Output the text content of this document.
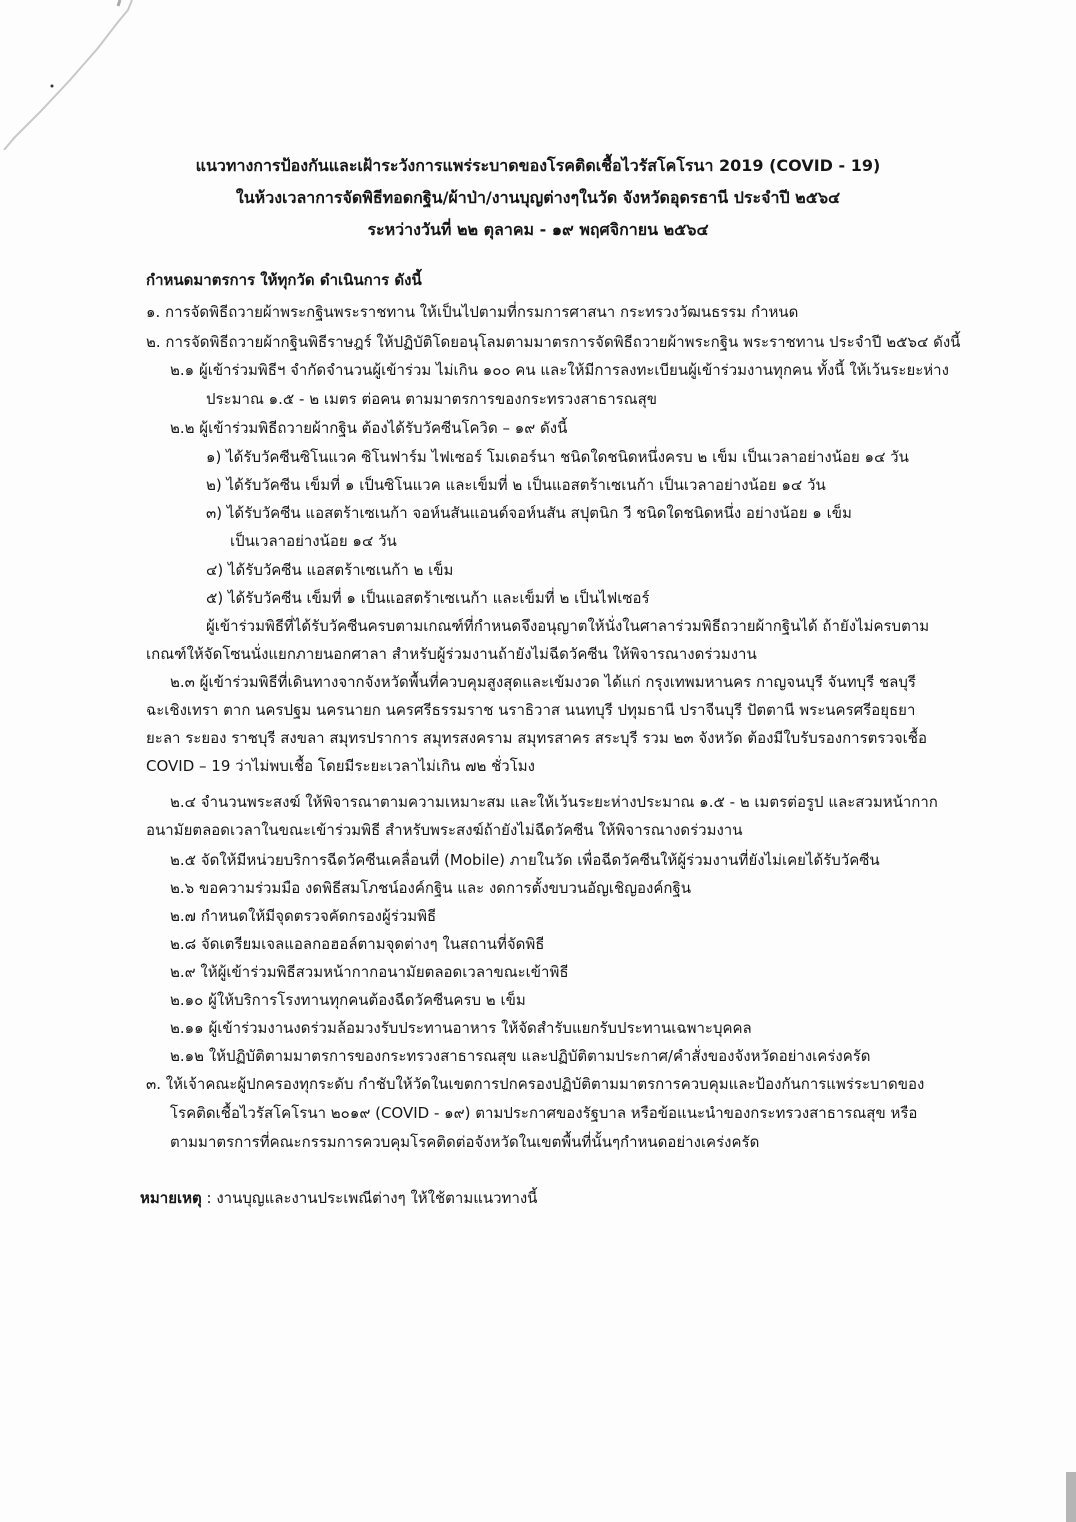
แนวทางการป้องกันและเฝ้าระวังการแพร่ระบาดของโรคติดเชื้อไวรัสโคโรนา 2019 (COVID - 19)
ในห้วงเวลาการจัดพิธีทอดกฐิน/ผ้าป่า/งานบุญต่างๆในวัด จังหวัดอุดรธานี ประจำปี ๒๕๖๔
ระหว่างวันที่ ๒๒ ตุลาคม - ๑๙ พฤศจิกายน ๒๕๖๔
กำหนดมาตรการ ให้ทุกวัด ดำเนินการ ดังนี้
๑. การจัดพิธีถวายผ้าพระกฐินพระราชทาน ให้เป็นไปตามที่กรมการศาสนา กระทรวงวัฒนธรรม กำหนด
๒. การจัดพิธีถวายผ้ากฐินพิธีราษฎร์ ให้ปฏิบัติโดยอนุโลมตามมาตรการจัดพิธีถวายผ้าพระกฐิน พระราชทาน ประจำปี ๒๕๖๔ ดังนี้
๒.๑ ผู้เข้าร่วมพิธีฯ จำกัดจำนวนผู้เข้าร่วม ไม่เกิน ๑๐๐ คน และให้มีการลงทะเบียนผู้เข้าร่วมงานทุกคน ทั้งนี้ ให้เว้นระยะห่าง
ประมาณ ๑.๕ - ๒ เมตร ต่อคน ตามมาตรการของกระทรวงสาธารณสุข
๒.๒ ผู้เข้าร่วมพิธีถวายผ้ากฐิน ต้องได้รับวัคซีนโควิด – ๑๙ ดังนี้
๑) ได้รับวัคซีนซิโนแวค ซิโนฟาร์ม ไฟเซอร์ โมเดอร์นา ชนิดใดชนิดหนึ่งครบ ๒ เข็ม เป็นเวลาอย่างน้อย ๑๔ วัน
๒) ได้รับวัคซีน เข็มที่ ๑ เป็นซิโนแวค และเข็มที่ ๒ เป็นแอสตร้าเซเนก้า เป็นเวลาอย่างน้อย ๑๔ วัน
๓) ได้รับวัคซีน แอสตร้าเซเนก้า จอห์นสันแอนด์จอห์นสัน สปุตนิก วี ชนิดใดชนิดหนึ่ง อย่างน้อย ๑ เข็ม
เป็นเวลาอย่างน้อย ๑๔ วัน
๔) ได้รับวัคซีน แอสตร้าเซเนก้า ๒ เข็ม
๕) ได้รับวัคซีน เข็มที่ ๑ เป็นแอสตร้าเซเนก้า และเข็มที่ ๒ เป็นไฟเซอร์
ผู้เข้าร่วมพิธีที่ได้รับวัคซีนครบตามเกณฑ์ที่กำหนดจึงอนุญาตให้นั่งในศาลาร่วมพิธีถวายผ้ากฐินได้ ถ้ายังไม่ครบตาม
เกณฑ์ให้จัดโซนนั่งแยกภายนอกศาลา สำหรับผู้ร่วมงานถ้ายังไม่ฉีดวัคซีน ให้พิจารณางดร่วมงาน
๒.๓ ผู้เข้าร่วมพิธีที่เดินทางจากจังหวัดพื้นที่ควบคุมสูงสุดและเข้มงวด ได้แก่ กรุงเทพมหานคร กาญจนบุรี จันทบุรี ชลบุรี
ฉะเชิงเทรา ตาก นครปฐม นครนายก นครศรีธรรมราช นราธิวาส นนทบุรี ปทุมธานี ปราจีนบุรี ปัตตานี พระนครศรีอยุธยา
ยะลา ระยอง ราชบุรี สงขลา สมุทรปราการ สมุทรสงคราม สมุทรสาคร สระบุรี รวม ๒๓ จังหวัด ต้องมีใบรับรองการตรวจเชื้อ
COVID – 19 ว่าไม่พบเชื้อ โดยมีระยะเวลาไม่เกิน ๗๒ ชั่วโมง
๒.๔ จำนวนพระสงฆ์ ให้พิจารณาตามความเหมาะสม และให้เว้นระยะห่างประมาณ ๑.๕ - ๒ เมตรต่อรูป และสวมหน้ากาก
อนามัยตลอดเวลาในขณะเข้าร่วมพิธี สำหรับพระสงฆ์ถ้ายังไม่ฉีดวัคซีน ให้พิจารณางดร่วมงาน
๒.๕ จัดให้มีหน่วยบริการฉีดวัคซีนเคลื่อนที่ (Mobile) ภายในวัด เพื่อฉีดวัคซีนให้ผู้ร่วมงานที่ยังไม่เคยได้รับวัคซีน
๒.๖ ขอความร่วมมือ งดพิธีสมโภชน์องค์กฐิน และ งดการตั้งขบวนอัญเชิญองค์กฐิน
๒.๗ กำหนดให้มีจุดตรวจคัดกรองผู้ร่วมพิธี
๒.๘ จัดเตรียมเจลแอลกอฮอล์ตามจุดต่างๆ ในสถานที่จัดพิธี
๒.๙ ให้ผู้เข้าร่วมพิธีสวมหน้ากากอนามัยตลอดเวลาขณะเข้าพิธี
๒.๑๐ ผู้ให้บริการโรงทานทุกคนต้องฉีดวัคซีนครบ ๒ เข็ม
๒.๑๑ ผู้เข้าร่วมงานงดร่วมล้อมวงรับประทานอาหาร ให้จัดสำรับแยกรับประทานเฉพาะบุคคล
๒.๑๒ ให้ปฏิบัติตามมาตรการของกระทรวงสาธารณสุข และปฏิบัติตามประกาศ/คำสั่งของจังหวัดอย่างเคร่งครัด
๓. ให้เจ้าคณะผู้ปกครองทุกระดับ กำชับให้วัดในเขตการปกครองปฏิบัติตามมาตรการควบคุมและป้องกันการแพร่ระบาดของ
โรคติดเชื้อไวรัสโคโรนา ๒๐๑๙ (COVID - ๑๙) ตามประกาศของรัฐบาล หรือข้อแนะนำของกระทรวงสาธารณสุข หรือ
ตามมาตรการที่คณะกรรมการควบคุมโรคติดต่อจังหวัดในเขตพื้นที่นั้นๆกำหนดอย่างเคร่งครัด
หมายเหตุ : งานบุญและงานประเพณีต่างๆ ให้ใช้ตามแนวทางนี้
